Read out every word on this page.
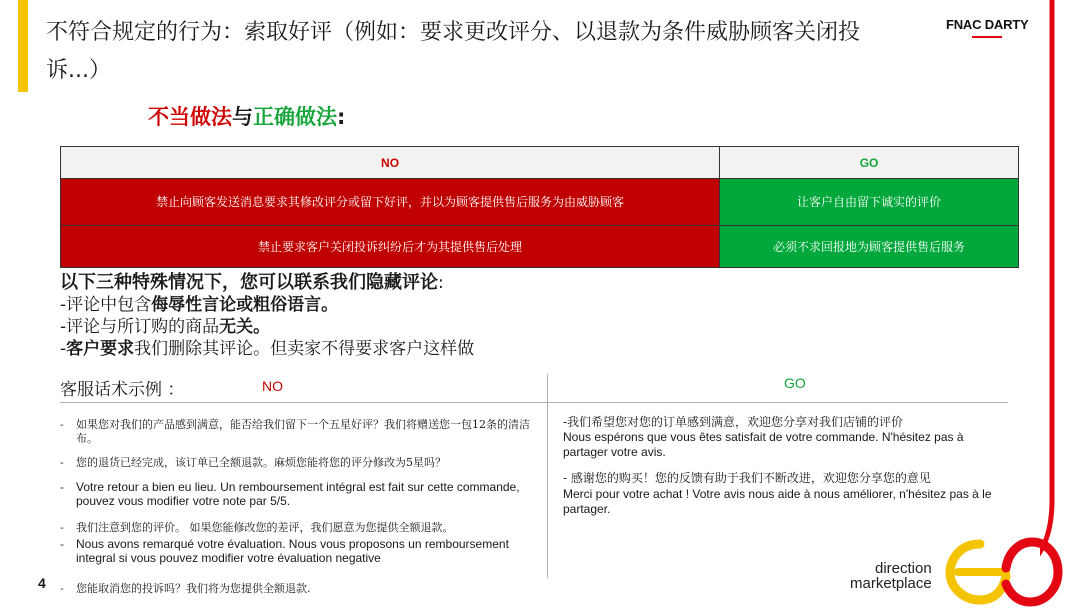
不符合规定的行为：索取好评（例如：要求更改评分、以退款为条件威胁顾客关闭投诉...）
FNAC DARTY
不当做法与正确做法:
NO	GO
禁止向顾客发送消息要求其修改评分或留下好评，并以为顾客提供售后服务为由威胁顾客	让客户自由留下诚实的评价
禁止要求客户关闭投诉纠纷后才为其提供售后处理	必须不求回报地为顾客提供售后服务

以下三种特殊情况下，您可以联系我们隐藏评论:

-评论中包含侮辱性言论或粗俗语言。

-评论与所订购的商品无关。

-客户要求我们删除其评论。但卖家不得要求客户这样做

客服话术示例 ：	NO	GO
-	如果您对我们的产品感到满意，能否给我们留下一个五星好评？我们将赠送您一包12条的清洁布。
-	您的退货已经完成，该订单已全额退款。麻烦您能将您的评分修改为5星吗？
-	Votre retour a bien eu lieu. Un remboursement intégral est fait sur cette commande, pouvez vous modifier votre note par 5/5.
-	我们注意到您的评价。 如果您能修改您的差评，我们愿意为您提供全额退款。
-	Nous avons remarqué votre évaluation. Nous vous proposons un remboursement integral si vous pouvez modifier votre évaluation negative
-	您能取消您的投诉吗？我们将为您提供全额退款.
-我们希望您对您的订单感到满意，欢迎您分享对我们店铺的评价
Nous espérons que vous êtes satisfait de votre commande. N'hésitez pas à partager votre avis.
- 感谢您的购买！您的反馈有助于我们不断改进，欢迎您分享您的意见
Merci pour votre achat ! Votre avis nous aide à nous améliorer, n'hésitez pas à le partager.
4
direction
marketplace
